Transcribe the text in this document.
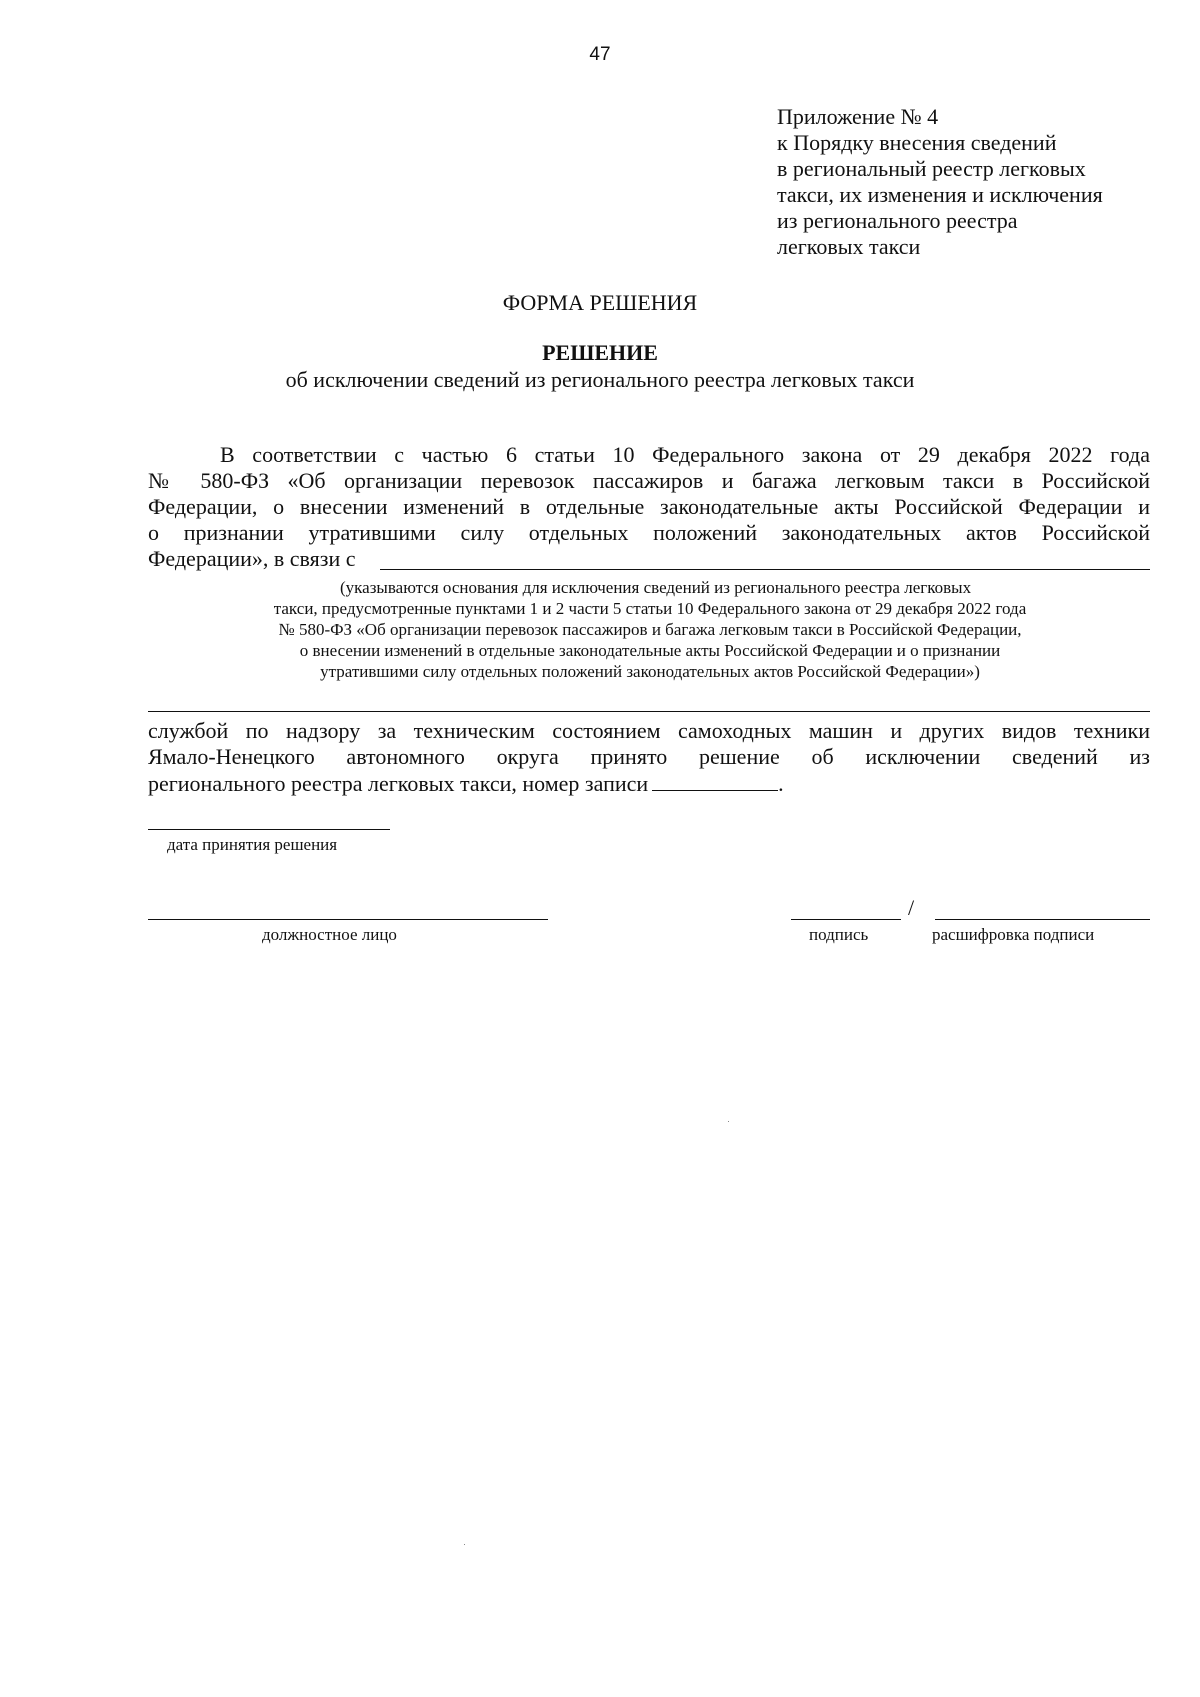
47
Приложение № 4
к Порядку внесения сведений
в региональный реестр легковых
такси, их изменения и исключения
из регионального реестра
легковых такси
ФОРМА РЕШЕНИЯ
РЕШЕНИЕ
об исключении сведений из регионального реестра легковых такси
В соответствии с частью 6 статьи 10 Федерального закона от 29 декабря 2022 года
№ 580-ФЗ «Об организации перевозок пассажиров и багажа легковым такси в Российской
Федерации, о внесении изменений в отдельные законодательные акты Российской Федерации и
о признании утратившими силу отдельных положений законодательных актов Российской
Федерации», в связи с
(указываются основания для исключения сведений из регионального реестра легковых
такси, предусмотренные пунктами 1 и 2 части 5 статьи 10 Федерального закона от 29 декабря 2022 года
№ 580-ФЗ «Об организации перевозок пассажиров и багажа легковым такси в Российской Федерации,
о внесении изменений в отдельные законодательные акты Российской Федерации и о признании
утратившими силу отдельных положений законодательных актов Российской Федерации»)
службой по надзору за техническим состоянием самоходных машин и других видов техники
Ямало-Ненецкого автономного округа принято решение об исключении сведений из
регионального реестра легковых такси, номер записи	.
дата принятия решения
должностное лицо
/
подпись	расшифровка подписи
